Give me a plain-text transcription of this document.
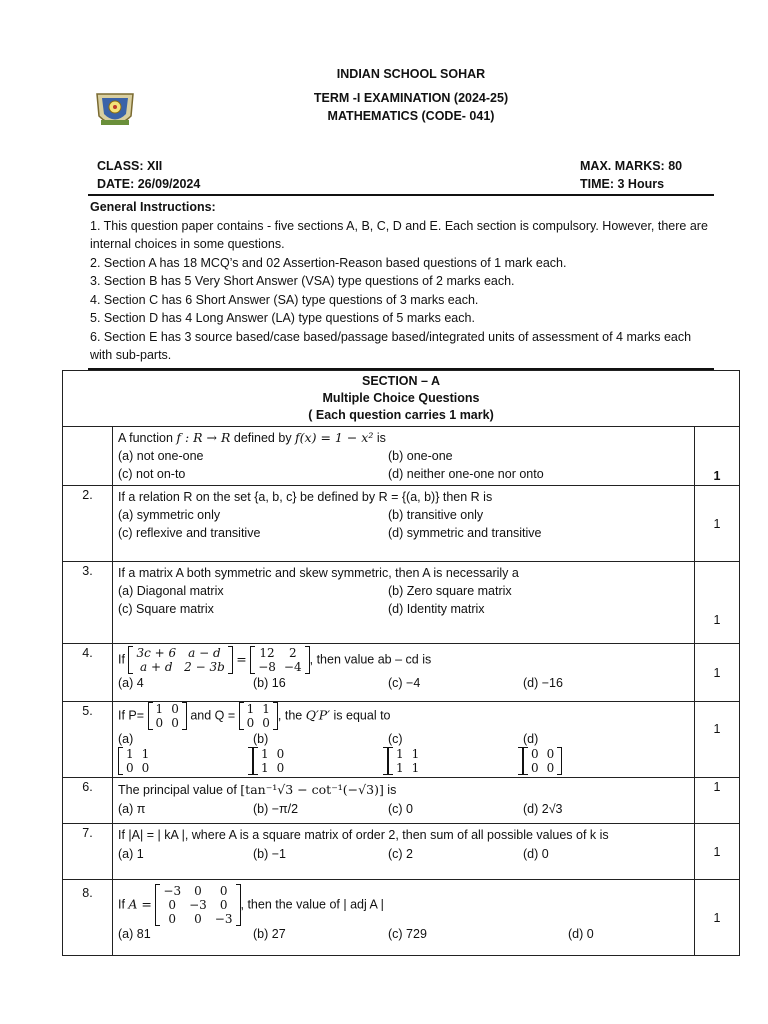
INDIAN SCHOOL SOHAR
TERM -I EXAMINATION (2024-25)
MATHEMATICS (CODE- 041)
CLASS: XII
DATE: 26/09/2024
MAX. MARKS: 80
TIME: 3 Hours
General Instructions:
1. This question paper contains - five sections A, B, C, D and E. Each section is compulsory. However, there are internal choices in some questions.
2. Section A has 18 MCQ’s and 02 Assertion-Reason based questions of 1 mark each.
3. Section B has 5 Very Short Answer (VSA) type questions of 2 marks each.
4. Section C has 6 Short Answer (SA) type questions of 3 marks each.
5. Section D has 4 Long Answer (LA) type questions of 5 marks each.
6. Section E has 3 source based/case based/passage based/integrated units of assessment of 4 marks each with sub-parts.
SECTION – A
Multiple Choice Questions
( Each question carries 1 mark)

A function f : R → R defined by f(x) = 1 − x² is
(a) not one-one	(b) one-one
(c) not on-to	(d) neither one-one nor onto	1
2.	If a relation R on the set {a, b, c} be defined by R = {(a, b)} then R is
(a) symmetric only	(b) transitive only
(c) reflexive and transitive	(d) symmetric and transitive
	1
3.	If a matrix A both symmetric and skew symmetric, then A is necessarily a
(a) Diagonal matrix	(b) Zero square matrix
(c) Square matrix	(d) Identity matrix
	1
4.	If 3c + 6	a − d
a + d	2 − 3b
= 12	2
−8	−4
, then value ab – cd is
(a) 4	(b) 16	(c) −4	(d) −16
	1
5.	If P= 1	0
0	0
and Q = 1	1
0	0
, the Q′P′ is equal to
(a)
1	1
0	0
(b)
1	0
1	0
(c)
1	1
1	1
(d)
0	0
0	0
	1
6.	The principal value of [tan⁻¹√3 − cot⁻¹(−√3)] is
(a) π	(b) −π/2	(c) 0	(d) 2√3
	1
7.	If |A| = | kA |, where A is a square matrix of order 2, then sum of all possible values of k is
(a) 1	(b) −1	(c) 2	(d) 0	1
8.	
If A =
−3	0	0
0	−3	0
0	0	−3
, then the value of | adj A |
(a) 81	(b) 27	(c) 729	(d) 0
	1
